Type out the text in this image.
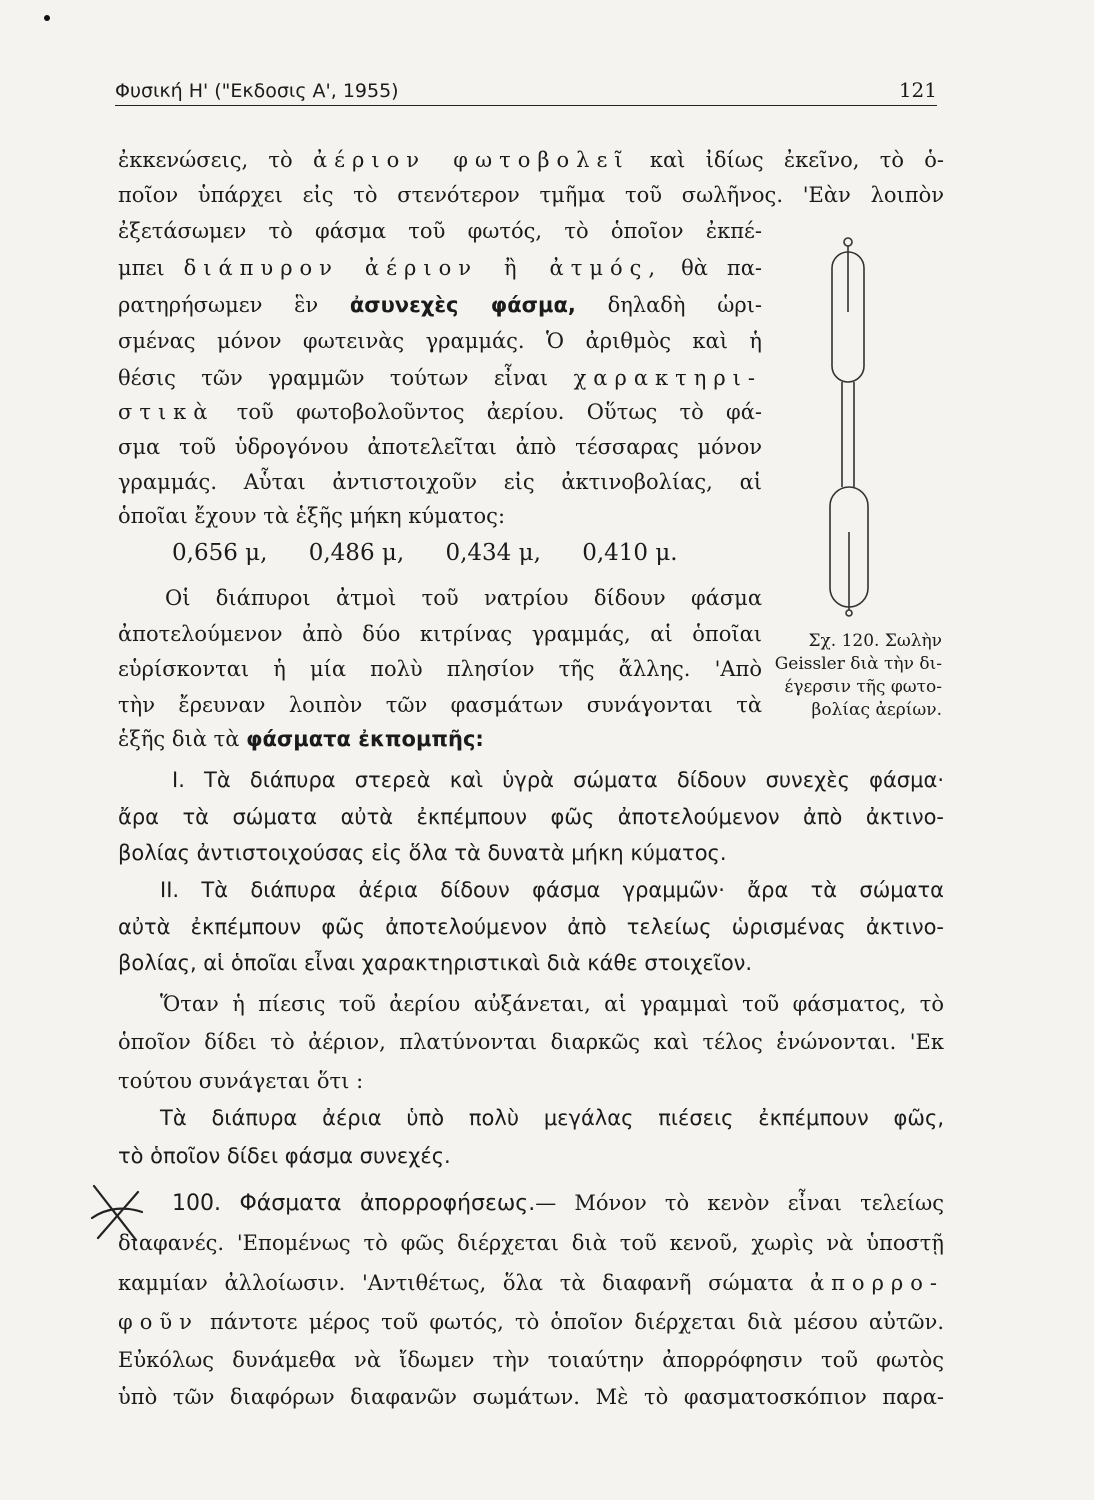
Φυσική Η' ("Εκδοσις Α', 1955)	121

ἐκκενώσεις, τὸ ἀέριον φωτοβολεῖ καὶ ἰδίως ἐκεῖνο, τὸ ὁ-

ποῖον ὑπάρχει εἰς τὸ στενότερον τμῆμα τοῦ σωλῆνος. 'Εὰν λοιπὸν

ἐξετάσωμεν τὸ φάσμα τοῦ φωτός, τὸ ὁποῖον ἐκπέ-

μπει διάπυρον ἀέριον ἢ ἀτμός, θὰ πα-

ρατηρήσωμεν ἓν ἀσυνεχὲς φάσμα, δηλαδὴ ὡρι-

σμένας μόνον φωτεινὰς γραμμάς. Ὁ ἀριθμὸς καὶ ἡ

θέσις τῶν γραμμῶν τούτων εἶναι χαρακτηρι-

στικὰ τοῦ φωτοβολοῦντος ἀερίου. Οὕτως τὸ φά-

σμα τοῦ ὑδρογόνου ἀποτελεῖται ἀπὸ τέσσαρας μόνον

γραμμάς. Αὗται ἀντιστοιχοῦν εἰς ἀκτινοβολίας, αἱ

ὁποῖαι ἔχουν τὰ ἑξῆς μήκη κύματος:

0,656 μ, 0,486 μ, 0,434 μ, 0,410 μ.

Οἱ διάπυροι ἀτμοὶ τοῦ νατρίου δίδουν φάσμα

ἀποτελούμενον ἀπὸ δύο κιτρίνας γραμμάς, αἱ ὁποῖαι

εὑρίσκονται ἡ μία πολὺ πλησίον τῆς ἄλλης. 'Απὸ

τὴν ἔρευναν λοιπὸν τῶν φασμάτων συνάγονται τὰ

ἑξῆς διὰ τὰ φάσματα ἐκπομπῆς:

Σχ. 120. Σωλὴν
Geissler διὰ τὴν δι-
έγερσιν τῆς φωτο-
βολίας ἀερίων.

Ι. Τὰ διάπυρα στερεὰ καὶ ὑγρὰ σώματα δίδουν συνεχὲς φάσμα·

ἄρα τὰ σώματα αὐτὰ ἐκπέμπουν φῶς ἀποτελούμενον ἀπὸ ἀκτινο-

βολίας ἀντιστοιχούσας εἰς ὅλα τὰ δυνατὰ μήκη κύματος.

ΙΙ. Τὰ διάπυρα ἀέρια δίδουν φάσμα γραμμῶν· ἄρα τὰ σώματα

αὐτὰ ἐκπέμπουν φῶς ἀποτελούμενον ἀπὸ τελείως ὡρισμένας ἀκτινο-

βολίας, αἱ ὁποῖαι εἶναι χαρακτηριστικαὶ διὰ κάθε στοιχεῖον.

Ὅταν ἡ πίεσις τοῦ ἀερίου αὐξάνεται, αἱ γραμμαὶ τοῦ φάσματος, τὸ

ὁποῖον δίδει τὸ ἀέριον, πλατύνονται διαρκῶς καὶ τέλος ἑνώνονται. 'Εκ

τούτου συνάγεται ὅτι :

Τὰ διάπυρα ἀέρια ὑπὸ πολὺ μεγάλας πιέσεις ἐκπέμπουν φῶς,

τὸ ὁποῖον δίδει φάσμα συνεχές.

100. Φάσματα ἀπορροφήσεως.— Μόνον τὸ κενὸν εἶναι τελείως

διαφανές. 'Επομένως τὸ φῶς διέρχεται διὰ τοῦ κενοῦ, χωρὶς νὰ ὑποστῇ

καμμίαν ἀλλοίωσιν. 'Αντιθέτως, ὅλα τὰ διαφανῆ σώματα ἀπορρο-

φοῦν πάντοτε μέρος τοῦ φωτός, τὸ ὁποῖον διέρχεται διὰ μέσου αὐτῶν.

Εὐκόλως δυνάμεθα νὰ ἴδωμεν τὴν τοιαύτην ἀπορρόφησιν τοῦ φωτὸς

ὑπὸ τῶν διαφόρων διαφανῶν σωμάτων. Μὲ τὸ φασματοσκόπιον παρα-
